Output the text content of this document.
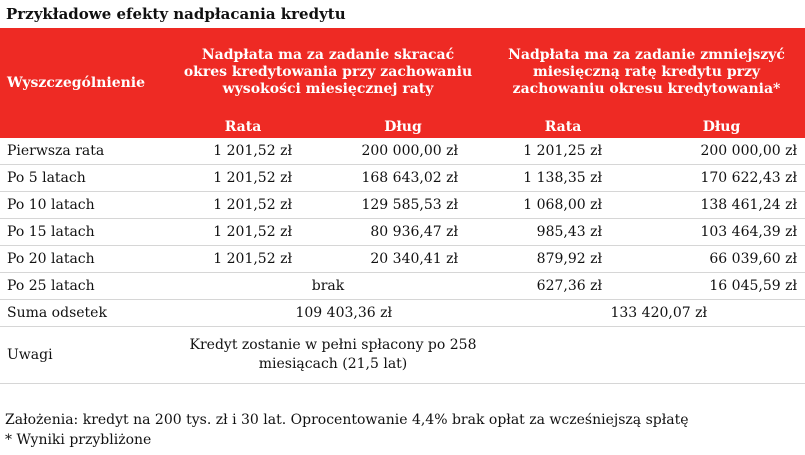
Przykładowe efekty nadpłacania kredytu
Wyszczególnienie	Nadpłata ma za zadanie skracać okres kredytowania przy zachowaniu wysokości miesięcznej raty		Nadpłata ma za zadanie zmniejszyć miesięczną ratę kredytu przy zachowaniu okresu kredytowania*	
	Rata	Dług	Rata	Dług
Pierwsza rata	1 201,52 zł	200 000,00 zł	1 201,25 zł	200 000,00 zł
Po 5 latach	1 201,52 zł	168 643,02 zł	1 138,35 zł	170 622,43 zł
Po 10 latach	1 201,52 zł	129 585,53 zł	1 068,00 zł	138 461,24 zł
Po 15 latach	1 201,52 zł	80 936,47 zł	985,43 zł	103 464,39 zł
Po 20 latach	1 201,52 zł	20 340,41 zł	879,92 zł	66 039,60 zł
Po 25 latach	brak		627,36 zł	16 045,59 zł
Suma odsetek	109 403,36 zł		133 420,07 zł	
Uwagi	Kredyt zostanie w pełni spłacony po 258 miesiącach (21,5 lat)			
Założenia: kredyt na 200 tys. zł i 30 lat. Oprocentowanie 4,4% brak opłat za wcześniejszą spłatę
* Wyniki przybliżone
